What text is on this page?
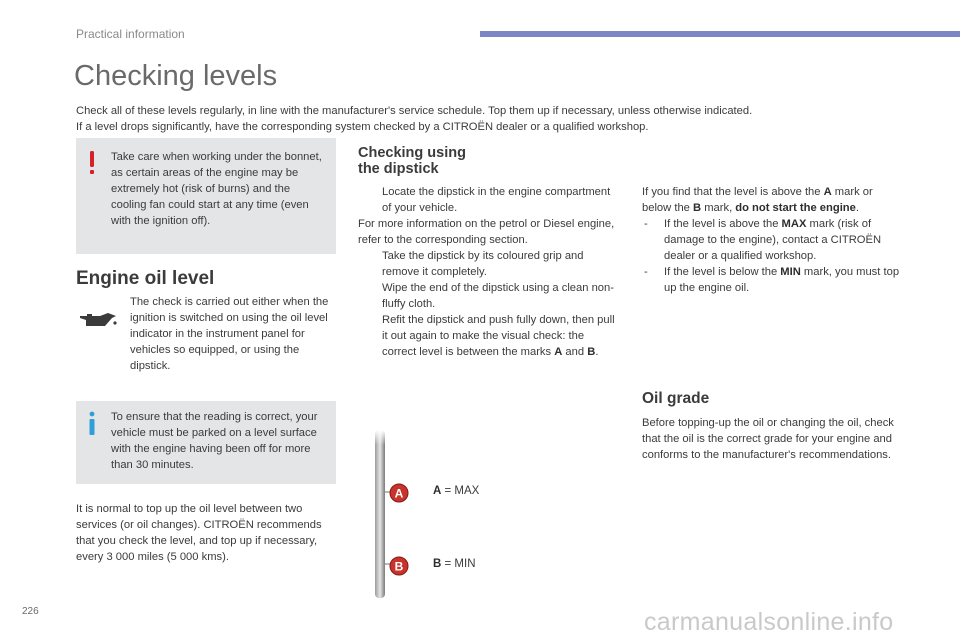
Practical information
Checking levels

Check all of these levels regularly, in line with the manufacturer's service schedule. Top them up if necessary, unless otherwise indicated.

If a level drops significantly, have the corresponding system checked by a CITROËN dealer or a qualified workshop.

Take care when working under the bonnet, as certain areas of the engine may be extremely hot (risk of burns) and the cooling fan could start at any time (even with the ignition off).
Engine oil level
The check is carried out either when the ignition is switched on using the oil level indicator in the instrument panel for vehicles so equipped, or using the dipstick.
To ensure that the reading is correct, your vehicle must be parked on a level surface with the engine having been off for more than 30 minutes.
It is normal to top up the oil level between two services (or oil changes). CITROËN recommends that you check the level, and top up if necessary, every 3 000 miles (5 000 kms).
Checking using
the dipstick
Locate the dipstick in the engine compartment of your vehicle.

For more information on the petrol or Diesel engine, refer to the corresponding section.

Take the dipstick by its coloured grip and remove it completely.
Wipe the end of the dipstick using a clean non-fluffy cloth.
Refit the dipstick and push fully down, then pull it out again to make the visual check: the correct level is between the marks A and B.
A
B
A = MAX
B = MIN

If you find that the level is above the A mark or below the B mark, do not start the engine.

- If the level is above the MAX mark (risk of damage to the engine), contact a CITROËN dealer or a qualified workshop.
- If the level is below the MIN mark, you must top up the engine oil.
Oil grade
Before topping-up the oil or changing the oil, check that the oil is the correct grade for your engine and conforms to the manufacturer's recommendations.
226	carmanualsonline.info
